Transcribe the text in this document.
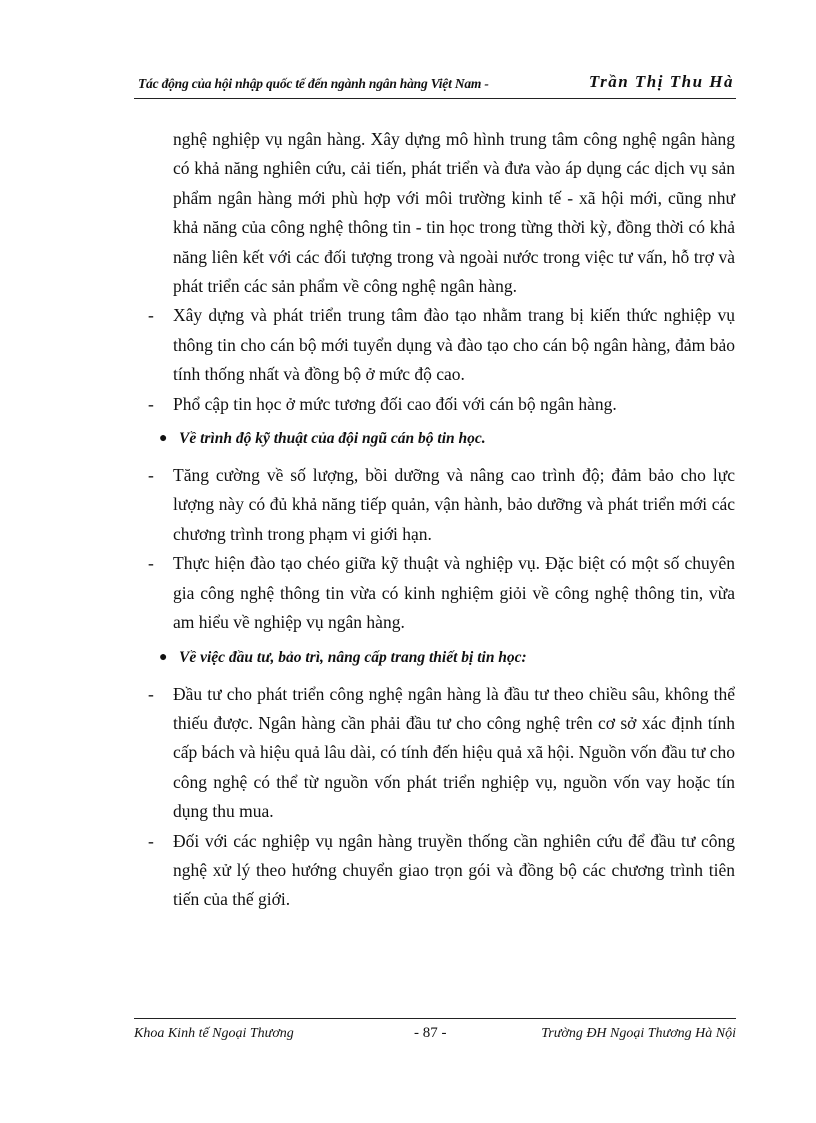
Tác động của hội nhập quốc tế đến ngành ngân hàng Việt Nam -	Trần Thị Thu Hà
nghệ nghiệp vụ ngân hàng. Xây dựng mô hình trung tâm công nghệ ngân hàng có khả năng nghiên cứu, cải tiến, phát triển và đưa vào áp dụng các dịch vụ sản phẩm ngân hàng mới phù hợp với môi trường kinh tế - xã hội mới, cũng như khả năng của công nghệ thông tin - tin học trong từng thời kỳ, đồng thời có khả năng liên kết với các đối tượng trong và ngoài nước trong việc tư vấn, hỗ trợ và phát triển các sản phẩm về công nghệ ngân hàng.
- Xây dựng và phát triển trung tâm đào tạo nhằm trang bị kiến thức nghiệp vụ thông tin cho cán bộ mới tuyển dụng và đào tạo cho cán bộ ngân hàng, đảm bảo tính thống nhất và đồng bộ ở mức độ cao.
- Phổ cập tin học ở mức tương đối cao đối với cán bộ ngân hàng.
● Về trình độ kỹ thuật của đội ngũ cán bộ tin học.
- Tăng cường về số lượng, bồi dưỡng và nâng cao trình độ; đảm bảo cho lực lượng này có đủ khả năng tiếp quản, vận hành, bảo dưỡng và phát triển mới các chương trình trong phạm vi giới hạn.
- Thực hiện đào tạo chéo giữa kỹ thuật và nghiệp vụ. Đặc biệt có một số chuyên gia công nghệ thông tin vừa có kinh nghiệm giỏi về công nghệ thông tin, vừa am hiểu về nghiệp vụ ngân hàng.
● Về việc đầu tư, bảo trì, nâng cấp trang thiết bị tin học:
- Đầu tư cho phát triển công nghệ ngân hàng là đầu tư theo chiều sâu, không thể thiếu được. Ngân hàng cần phải đầu tư cho công nghệ trên cơ sở xác định tính cấp bách và hiệu quả lâu dài, có tính đến hiệu quả xã hội. Nguồn vốn đầu tư cho công nghệ có thể từ nguồn vốn phát triển nghiệp vụ, nguồn vốn vay hoặc tín dụng thu mua.
- Đối với các nghiệp vụ ngân hàng truyền thống cần nghiên cứu để đầu tư công nghệ xử lý theo hướng chuyển giao trọn gói và đồng bộ các chương trình tiên tiến của thế giới.
Khoa Kinh tế Ngoại Thương	- 87 -	Trường ĐH Ngoại Thương Hà Nội
